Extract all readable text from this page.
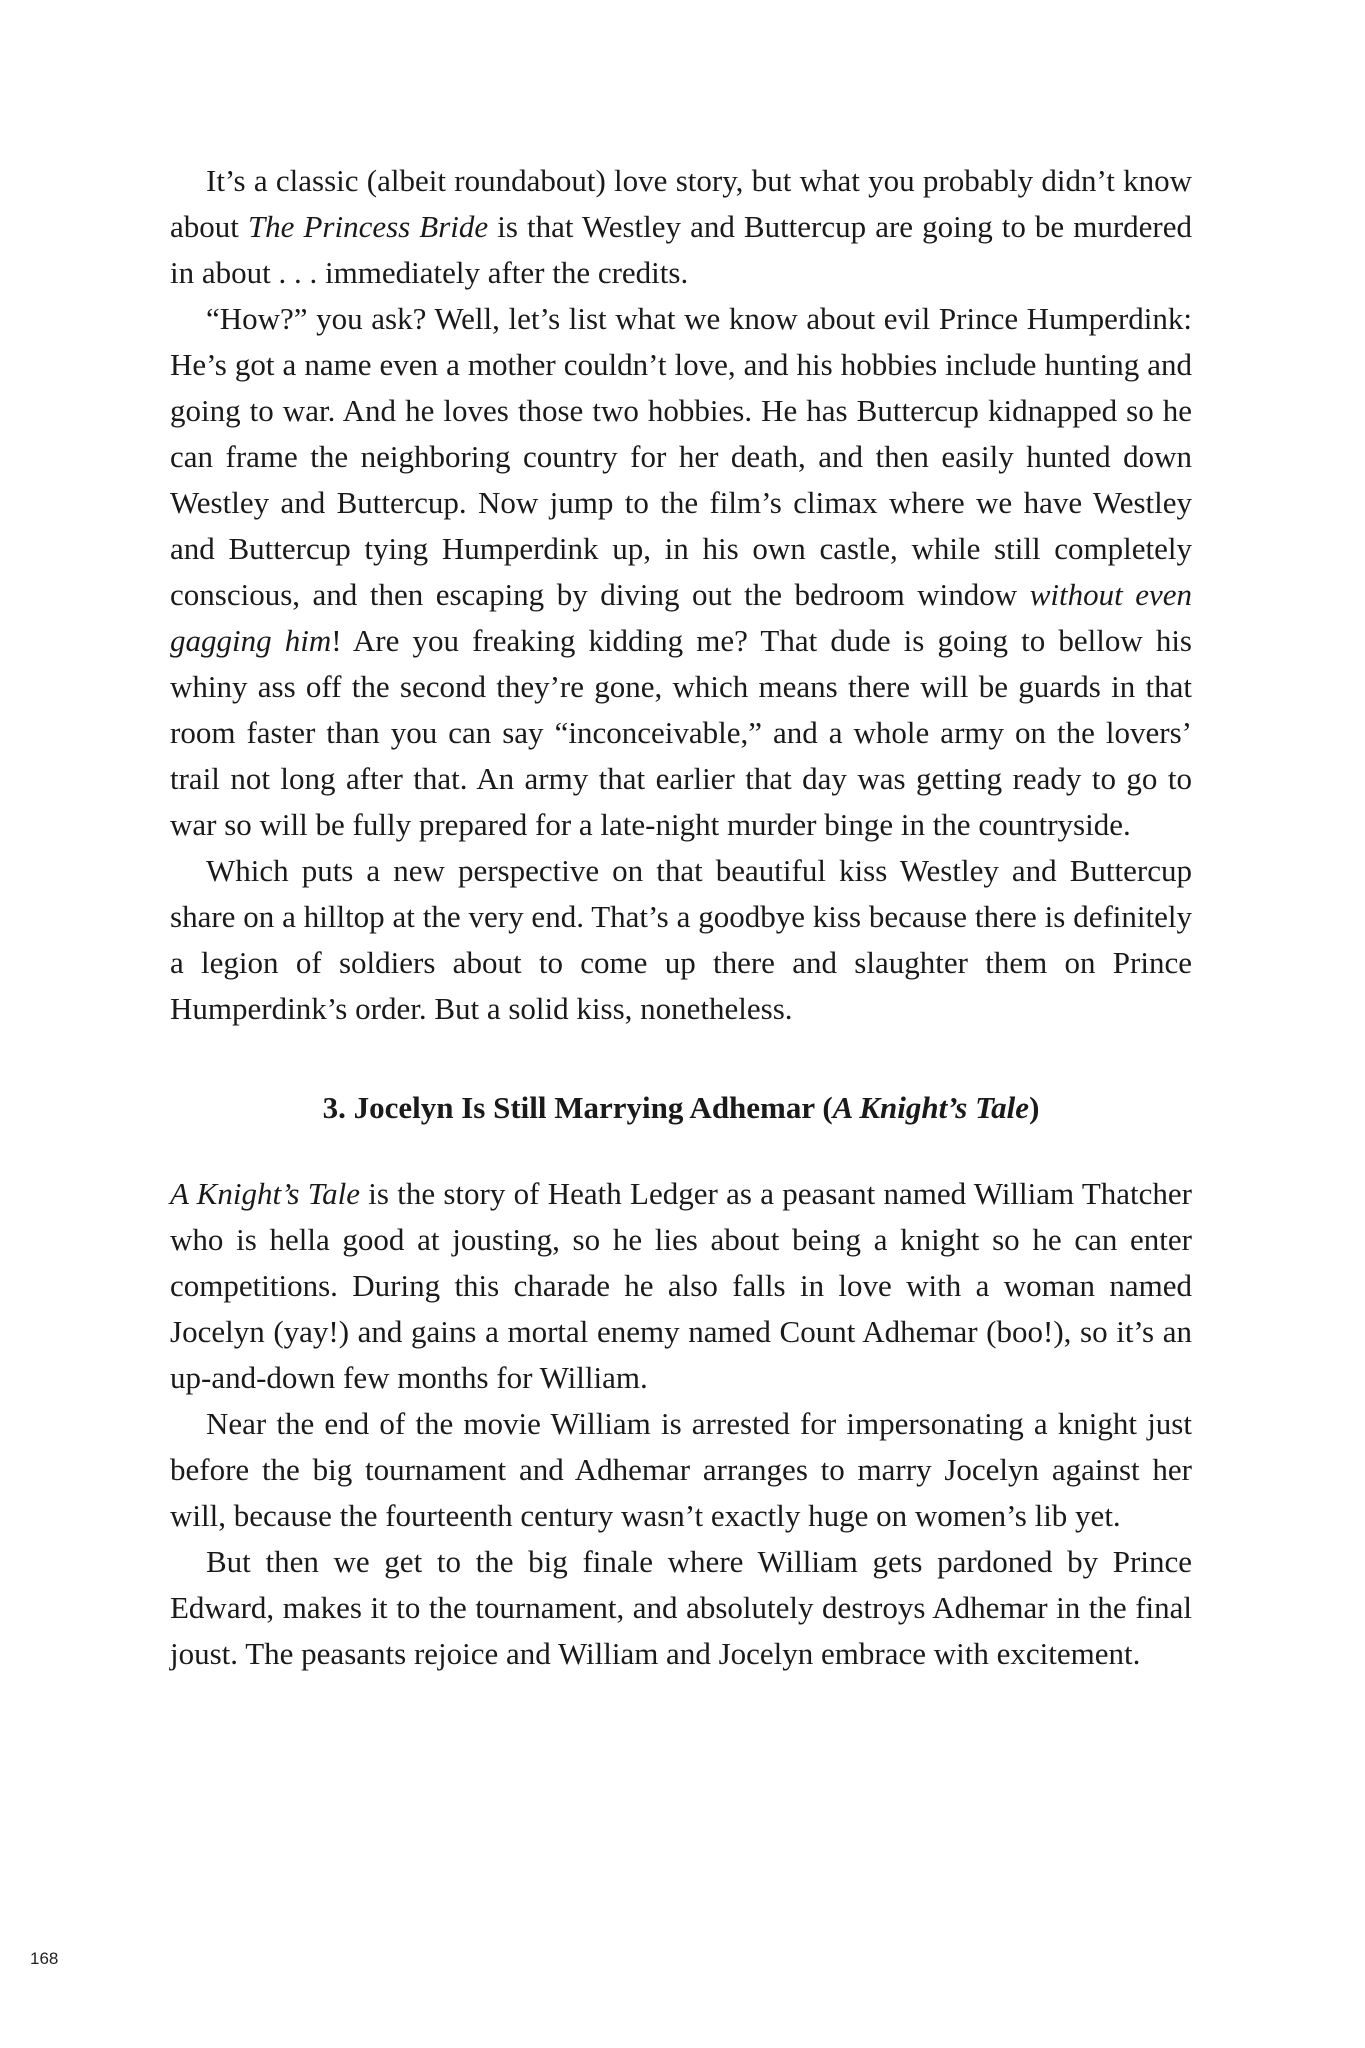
It’s a classic (albeit roundabout) love story, but what you probably didn’t know about The Princess Bride is that Westley and Buttercup are going to be murdered in about . . . immediately after the credits.

“How?” you ask? Well, let’s list what we know about evil Prince Humperdink: He’s got a name even a mother couldn’t love, and his hobbies include hunting and going to war. And he loves those two hobbies. He has Buttercup kidnapped so he can frame the neighboring country for her death, and then easily hunted down Westley and Buttercup. Now jump to the film’s climax where we have Westley and Buttercup tying Humperdink up, in his own castle, while still completely conscious, and then escaping by diving out the bedroom window without even gagging him! Are you freaking kidding me? That dude is going to bellow his whiny ass off the second they’re gone, which means there will be guards in that room faster than you can say “inconceivable,” and a whole army on the lovers’ trail not long after that. An army that earlier that day was getting ready to go to war so will be fully prepared for a late-night murder binge in the countryside.

Which puts a new perspective on that beautiful kiss Westley and Buttercup share on a hilltop at the very end. That’s a goodbye kiss because there is definitely a legion of soldiers about to come up there and slaughter them on Prince Humperdink’s order. But a solid kiss, nonetheless.

3. Jocelyn Is Still Marrying Adhemar (A Knight’s Tale)

A Knight’s Tale is the story of Heath Ledger as a peasant named William Thatcher who is hella good at jousting, so he lies about being a knight so he can enter competitions. During this charade he also falls in love with a woman named Jocelyn (yay!) and gains a mortal enemy named Count Adhemar (boo!), so it’s an up-and-down few months for William.

Near the end of the movie William is arrested for impersonating a knight just before the big tournament and Adhemar arranges to marry Jocelyn against her will, because the fourteenth century wasn’t exactly huge on women’s lib yet.

But then we get to the big finale where William gets pardoned by Prince Edward, makes it to the tournament, and absolutely destroys Adhemar in the final joust. The peasants rejoice and William and Jocelyn embrace with excitement.

168
